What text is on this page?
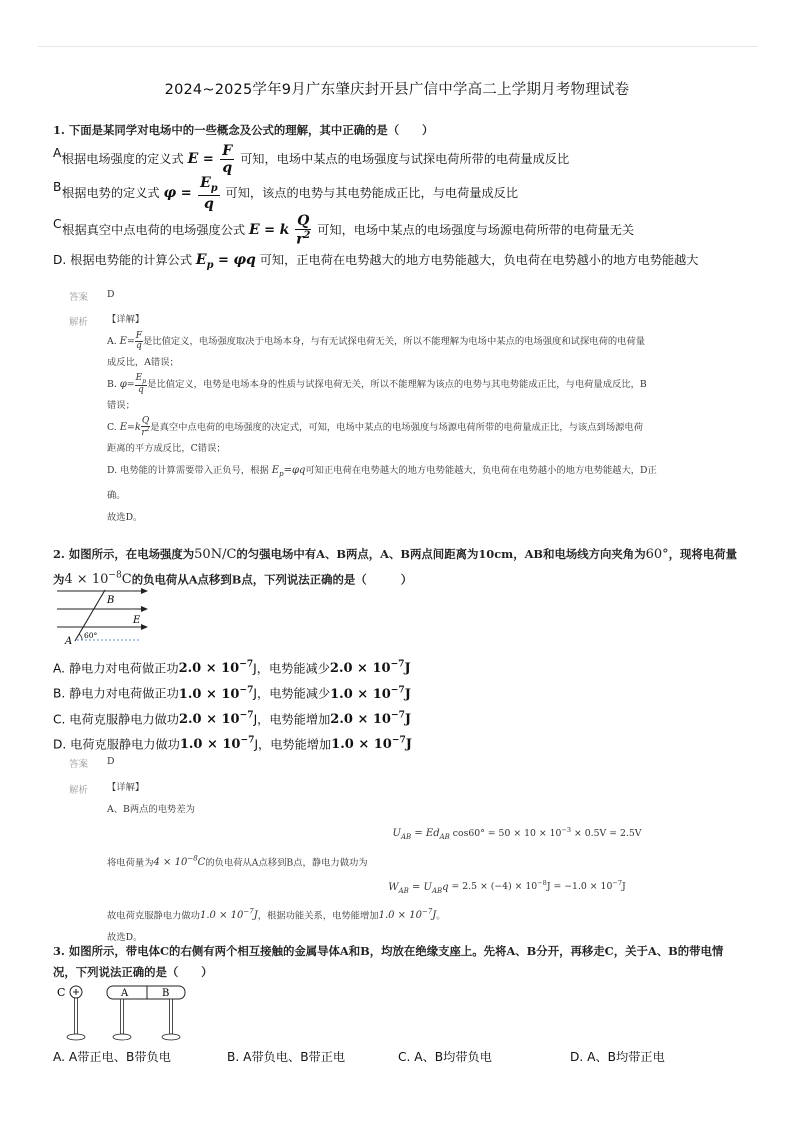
2024~2025学年9月广东肇庆封开县广信中学高二上学期月考物理试卷
1. 下面是某同学对电场中的一些概念及公式的理解，其中正确的是（　　）
A. 根据电场强度的定义式 $E = \frac{F}{q}$ 可知，电场中某点的电场强度与试探电荷所带的电荷量成反比
B. 根据电势的定义式 $\varphi = \frac{E_p}{q}$ 可知，该点的电势与其电势能成正比，与电荷量成反比
C. 根据真空中点电荷的电场强度公式 E = k $\frac{Q}{r^2}$ 可知，电场中某点的电场强度与场源电荷所带的电荷量无关
D. 根据电势能的计算公式 $E_p = \varphi q$ 可知，正电荷在电势越大的地方电势能越大，负电荷在电势越小的地方电势能越大
答案 D
解析 【详解】
A. $E= \frac{F}{q}$ 是比值定义，电场强度取决于电场本身，与有无试探电荷无关，所以不能理解为电场中某点的电场强度和试探电荷的电荷量
成反比，A错误；
B. $\varphi= \frac{E_p}{q}$ 是比值定义，电势是电场本身的性质与试探电荷无关，所以不能理解为该点的电势与其电势能成正比，与电荷量成反比，B
错误；
C. $E=k \frac{Q}{r^2}$ 是真空中点电荷的电场强度的决定式，可知，电场中某点的电场强度与场源电荷所带的电荷量成正比，与该点到场源电荷
距离的平方成反比，C错误；
D. 电势能的计算需要带入正负号，根据 $E_p=\varphi q$可知正电荷在电势越大的地方电势能越大，负电荷在电势越小的地方电势能越大，D正
确。
故选D。
2. 如图所示，在电场强度为50N/C的匀强电场中有A、B两点，A、B两点间距离为10cm，AB和电场线方向夹角为60°，现将电荷量
为$4 \times 10^{-8}C$的负电荷从A点移到B点，下列说法正确的是（　　　）
B
E
A
60°
A. 静电力对电荷做正功$2.0 \times 10^{-7}J$，电势能减少$2.0 \times 10^{-7}J$
B. 静电力对电荷做正功$1.0 \times 10^{-7}J$，电势能减少$1.0 \times 10^{-7}J$
C. 电荷克服静电力做功$2.0 \times 10^{-7}J$，电势能增加$2.0 \times 10^{-7}J$
D. 电荷克服静电力做功$1.0 \times 10^{-7}J$，电势能增加$1.0 \times 10^{-7}J$
答案 D
解析 【详解】
A、B两点的电势差为
$U_{AB} = Ed_{AB}$ $\cos 60^\circ = 50 \times 10 \times 10^{-3} \times 0.5V = 2.5V$
将电荷量为$4 \times 10^{-8}C$的负电荷从A点移到B点，静电力做功为
$W_{AB} = U_{AB}q = 2.5 \times (-4) \times 10^{-8}J = -1.0 \times 10^{-7}J$
故电荷克服静电力做功$1.0 \times 10^{-7}J$，根据功能关系，电势能增加$1.0 \times 10^{-7}J$。
故选D。
3. 如图所示，带电体C的右侧有两个相互接触的金属导体A和B，均放在绝缘支座上。先将A、B分开，再移走C，关于A、B的带电情
况，下列说法正确的是（　　）
C	A	B
A. A带正电、B带负电	B. A带负电、B带正电	C. A、B均带负电	D. A、B均带正电
